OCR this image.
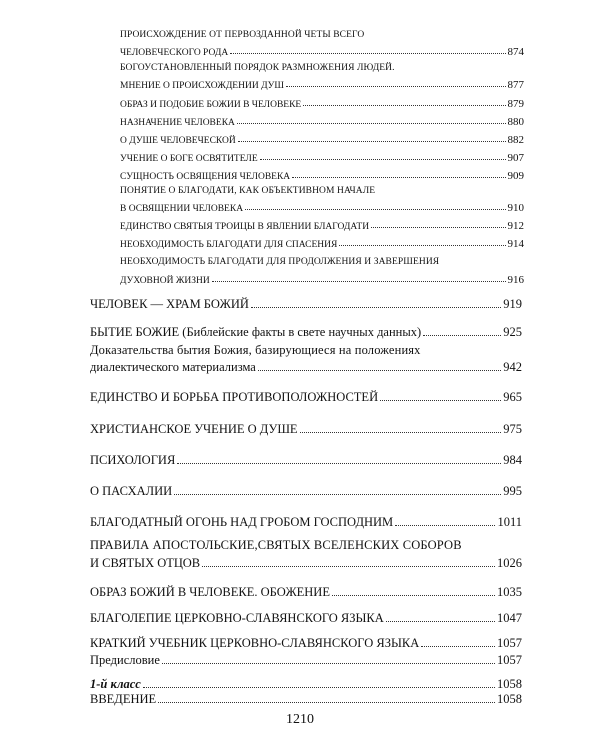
ПРОИСХОЖДЕНИЕ ОТ ПЕРВОЗДАННОЙ ЧЕТЫ ВСЕГО
ЧЕЛОВЕЧЕСКОГО РОДА	874
БОГОУСТАНОВЛЕННЫЙ ПОРЯДОК РАЗМНОЖЕНИЯ ЛЮДЕЙ.
МНЕНИЕ О ПРОИСХОЖДЕНИИ ДУШ	877
ОБРАЗ И ПОДОБИЕ БОЖИИ В ЧЕЛОВЕКЕ	879
НАЗНАЧЕНИЕ ЧЕЛОВЕКА	880
О ДУШЕ ЧЕЛОВЕЧЕСКОЙ	882
УЧЕНИЕ О БОГЕ ОСВЯТИТЕЛЕ	907
СУЩНОСТЬ ОСВЯЩЕНИЯ ЧЕЛОВЕКА	909
ПОНЯТИЕ О БЛАГОДАТИ, КАК ОБЪЕКТИВНОМ НАЧАЛЕ
В ОСВЯЩЕНИИ ЧЕЛОВЕКА	910
ЕДИНСТВО СВЯТЫЯ ТРОИЦЫ В ЯВЛЕНИИ БЛАГОДАТИ	912
НЕОБХОДИМОСТЬ БЛАГОДАТИ ДЛЯ СПАСЕНИЯ	914
НЕОБХОДИМОСТЬ БЛАГОДАТИ ДЛЯ ПРОДОЛЖЕНИЯ И ЗАВЕРШЕНИЯ
ДУХОВНОЙ ЖИЗНИ	916
ЧЕЛОВЕК — ХРАМ БОЖИЙ	919
БЫТИЕ БОЖИЕ (Библейские факты в свете научных данных)	925
Доказательства бытия Божия, базирующиеся на положениях
диалектического материализма	942
ЕДИНСТВО И БОРЬБА ПРОТИВОПОЛОЖНОСТЕЙ	965
ХРИСТИАНСКОЕ УЧЕНИЕ О ДУШЕ	975
ПСИХОЛОГИЯ	984
О ПАСХАЛИИ	995
БЛАГОДАТНЫЙ ОГОНЬ НАД ГРОБОМ ГОСПОДНИМ	1011
ПРАВИЛА АПОСТОЛЬСКИЕ,СВЯТЫХ ВСЕЛЕНСКИХ СОБОРОВ
И СВЯТЫХ ОТЦОВ	1026
ОБРАЗ БОЖИЙ В ЧЕЛОВЕКЕ. ОБОЖЕНИЕ	1035
БЛАГОЛЕПИЕ ЦЕРКОВНО-СЛАВЯНСКОГО ЯЗЫКА	1047
КРАТКИЙ УЧЕБНИК ЦЕРКОВНО-СЛАВЯНСКОГО ЯЗЫКА	1057
Предисловие	1057
1-й класс	1058
ВВЕДЕНИЕ	1058
1210
